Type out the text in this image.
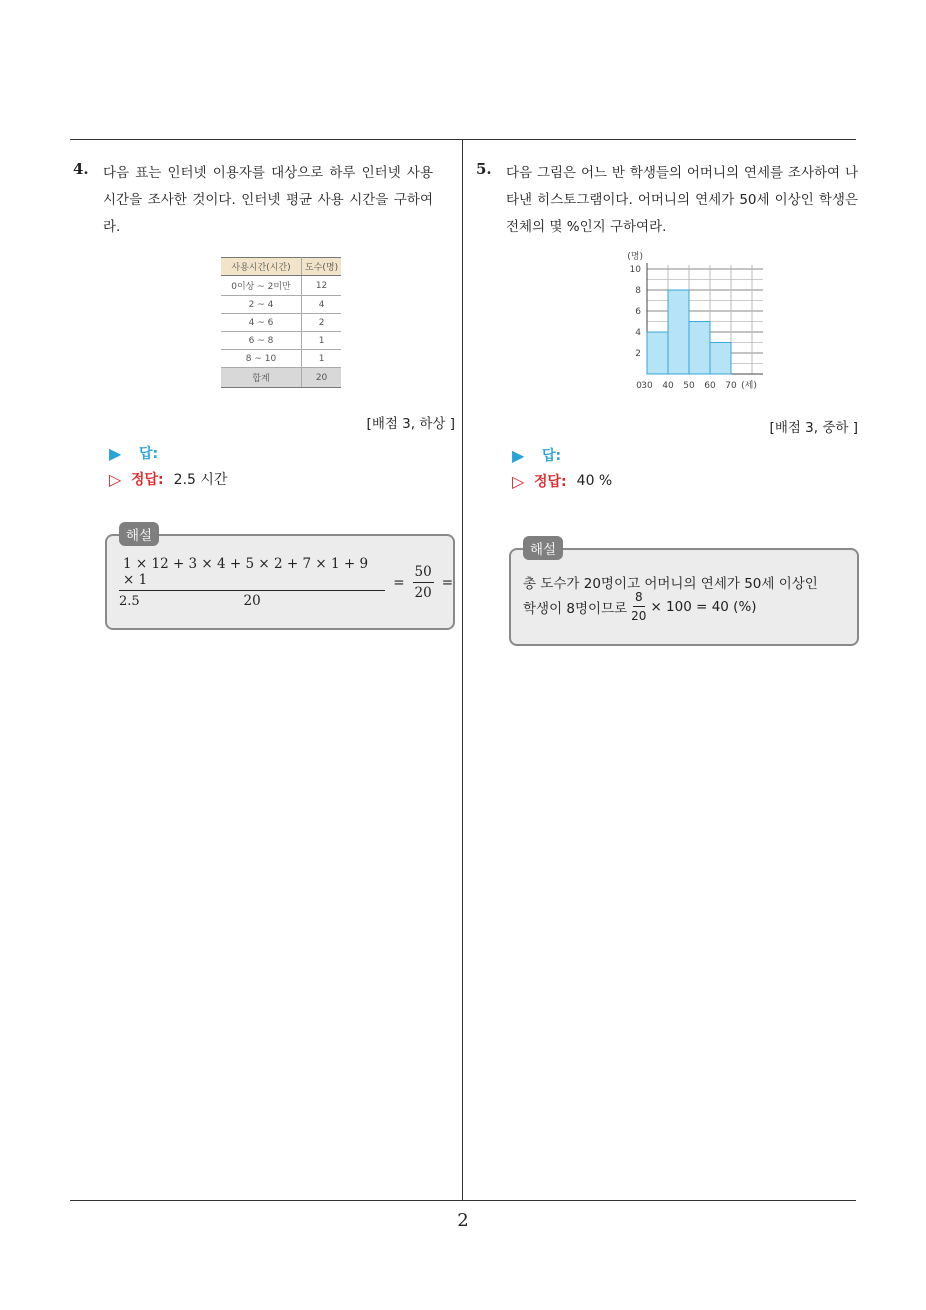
4.	다음 표는 인터넷 이용자를 대상으로 하루 인터넷 사용 시간을 조사한 것이다. 인터넷 평균 사용 시간을 구하여라.
사용시간(시간)	도수(명)
0이상 ~ 2미만	12
2 ~ 4	4
4 ~ 6	2
6 ~ 8	1
8 ~ 10	1
합계	20
[배점 3, 하상 ]
▶	답:
▷ 정답: 2.5 시간
해설
$\frac{1 \times 12 + 3 \times 4 + 5 \times 2 + 7 \times 1 + 9 \times 1}{20} = \frac{50}{20}$ =
2.5
5.	다음 그림은 어느 반 학생들의 어머니의 연세를 조사하여 나타낸 히스토그램이다. 어머니의 연세가 50세 이상인 학생은 전체의 몇 %인지 구하여라.
2
4
6
8
10
(명)
0 30 40 50 60 70 (세)
[배점 3, 중하 ]
▶	답:
▷ 정답: 40 %
해설
총 도수가 20명이고 어머니의 연세가 50세 이상인
학생이 8명이므로 $\frac{8}{20} \times 100 = 40$ (%)
2
